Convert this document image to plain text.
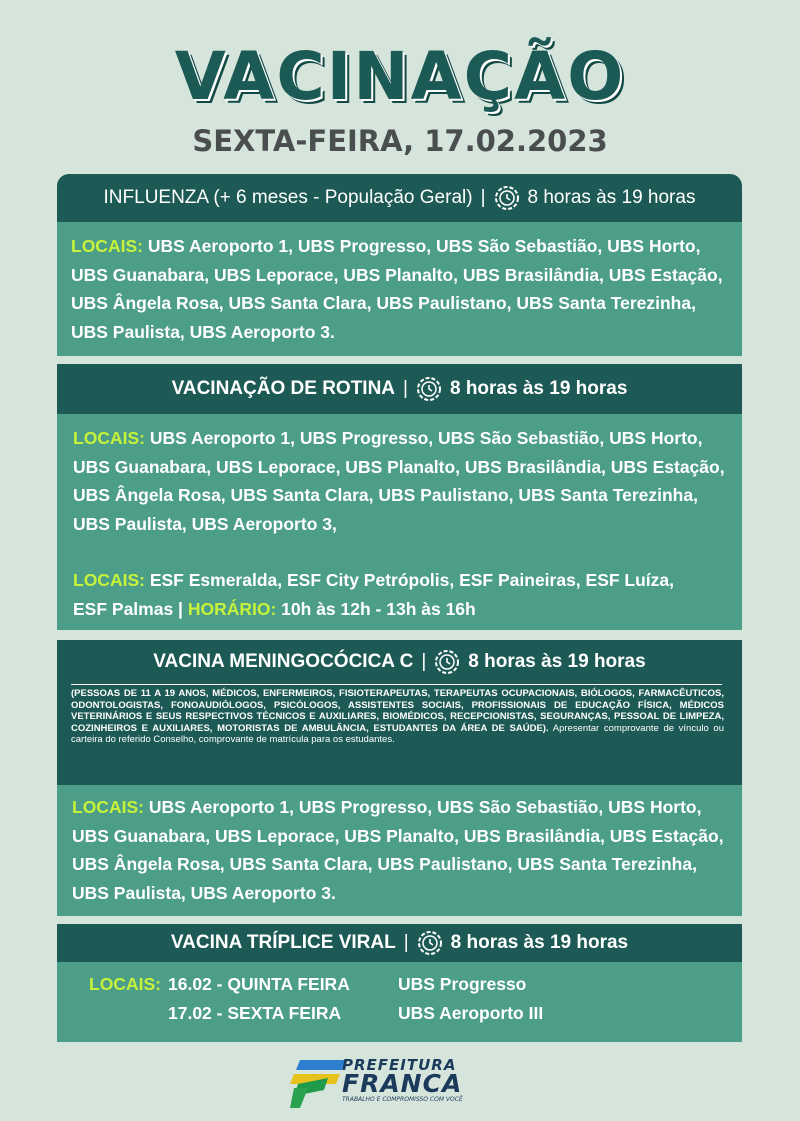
VACINAÇÃO
SEXTA-FEIRA, 17.02.2023
INFLUENZA (+ 6 meses - População Geral) | 8 horas às 19 horas
LOCAIS: UBS Aeroporto 1, UBS Progresso, UBS São Sebastião, UBS Horto,
UBS Guanabara, UBS Leporace, UBS Planalto, UBS Brasilândia, UBS Estação,
UBS Ângela Rosa, UBS Santa Clara, UBS Paulistano, UBS Santa Terezinha,
UBS Paulista, UBS Aeroporto 3.
VACINAÇÃO DE ROTINA | 8 horas às 19 horas
LOCAIS: UBS Aeroporto 1, UBS Progresso, UBS São Sebastião, UBS Horto,
UBS Guanabara, UBS Leporace, UBS Planalto, UBS Brasilândia, UBS Estação,
UBS Ângela Rosa, UBS Santa Clara, UBS Paulistano, UBS Santa Terezinha,
UBS Paulista, UBS Aeroporto 3,
LOCAIS: ESF Esmeralda, ESF City Petrópolis, ESF Paineiras, ESF Luíza,
ESF Palmas | HORÁRIO: 10h às 12h - 13h às 16h
VACINA MENINGOCÓCICA C | 8 horas às 19 horas
(PESSOAS DE 11 A 19 ANOS, MÉDICOS, ENFERMEIROS, FISIOTERAPEUTAS, TERAPEUTAS OCUPACIONAIS, BIÓLOGOS, FARMACÊUTICOS, ODONTOLOGISTAS, FONOAUDIÓLOGOS, PSICÓLOGOS, ASSISTENTES SOCIAIS, PROFISSIONAIS DE EDUCAÇÃO FÍSICA, MÉDICOS VETERINÁRIOS E SEUS RESPECTIVOS TÉCNICOS E AUXILIARES, BIOMÉDICOS, RECEPCIONISTAS, SEGURANÇAS, PESSOAL DE LIMPEZA, COZINHEIROS E AUXILIARES, MOTORISTAS DE AMBULÂNCIA, ESTUDANTES DA ÁREA DE SAÚDE). Apresentar comprovante de vínculo ou carteira do referido Conselho, comprovante de matrícula para os estudantes.
LOCAIS: UBS Aeroporto 1, UBS Progresso, UBS São Sebastião, UBS Horto,
UBS Guanabara, UBS Leporace, UBS Planalto, UBS Brasilândia, UBS Estação,
UBS Ângela Rosa, UBS Santa Clara, UBS Paulistano, UBS Santa Terezinha,
UBS Paulista, UBS Aeroporto 3.
VACINA TRÍPLICE VIRAL | 8 horas às 19 horas
LOCAIS:	16.02 - QUINTA FEIRA	UBS Progresso
	17.02 - SEXTA FEIRA	UBS Aeroporto III
PREFEITURA
FRANCA
TRABALHO E COMPROMISSO COM VOCÊ
